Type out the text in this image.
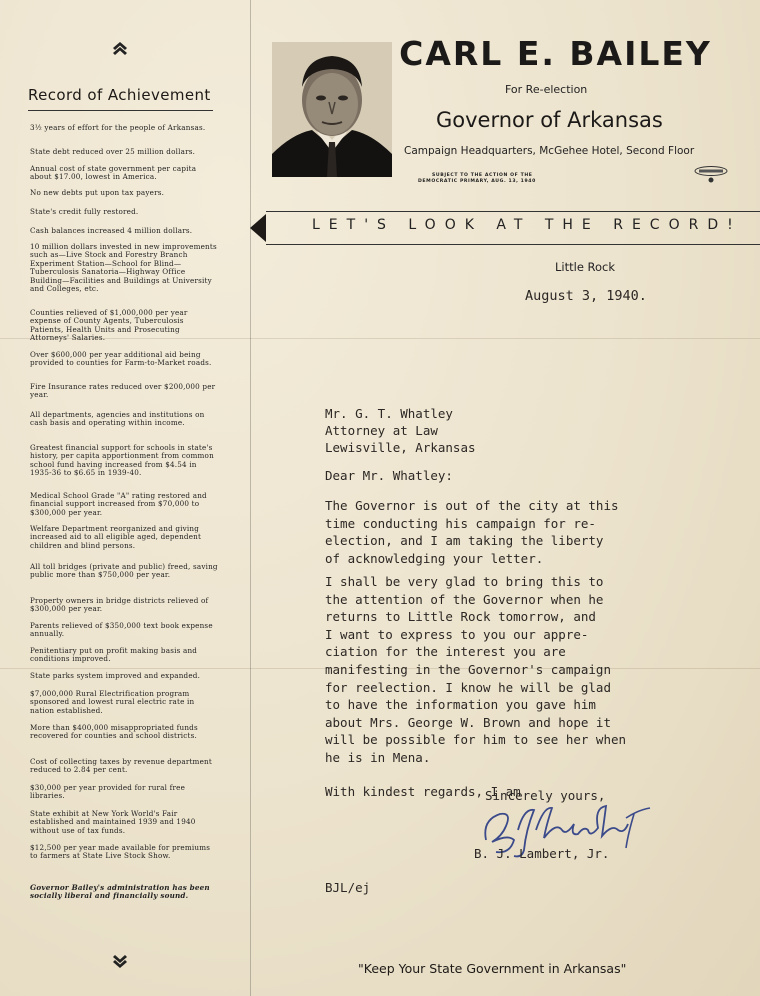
Record of Achievement
3½ years of effort for the people of Arkansas.
State debt reduced over 25 million dollars.
Annual cost of state government per capita about $17.00, lowest in America.
No new debts put upon tax payers.
State's credit fully restored.
Cash balances increased 4 million dollars.
10 million dollars invested in new improvements such as—Live Stock and Forestry Branch Experiment Station—School for Blind—Tuberculosis Sanatoria—Highway Office Building—Facilities and Buildings at University and Colleges, etc.
Counties relieved of $1,000,000 per year expense of County Agents, Tuberculosis Patients, Health Units and Prosecuting Attorneys' Salaries.
Over $600,000 per year additional aid being provided to counties for Farm-to-Market roads.
Fire Insurance rates reduced over $200,000 per year.
All departments, agencies and institutions on cash basis and operating within income.
Greatest financial support for schools in state's history, per capita apportionment from common school fund having increased from $4.54 in 1935-36 to $6.65 in 1939-40.
Medical School Grade "A" rating restored and financial support increased from $70,000 to $300,000 per year.
Welfare Department reorganized and giving increased aid to all eligible aged, dependent children and blind persons.
All toll bridges (private and public) freed, saving public more than $750,000 per year.
Property owners in bridge districts relieved of $300,000 per year.
Parents relieved of $350,000 text book expense annually.
Penitentiary put on profit making basis and conditions improved.
State parks system improved and expanded.
$7,000,000 Rural Electrification program sponsored and lowest rural electric rate in nation established.
More than $400,000 misappropriated funds recovered for counties and school districts.
Cost of collecting taxes by revenue department reduced to 2.84 per cent.
$30,000 per year provided for rural free libraries.
State exhibit at New York World's Fair established and maintained 1939 and 1940 without use of tax funds.
$12,500 per year made available for premiums to farmers at State Live Stock Show.
Governor Bailey's administration has been socially liberal and financially sound.
CARL E. BAILEY
For Re-election
Governor of Arkansas
Campaign Headquarters, McGehee Hotel, Second Floor
SUBJECT TO THE ACTION OF THE
DEMOCRATIC PRIMARY, AUG. 13, 1940
LET'S LOOK AT THE RECORD!
Little Rock
August 3, 1940.
Mr. G. T. Whatley
Attorney at Law
Lewisville, Arkansas
Dear Mr. Whatley:
The Governor is out of the city at this
time conducting his campaign for re-
election, and I am taking the liberty
of acknowledging your letter.
I shall be very glad to bring this to
the attention of the Governor when he
returns to Little Rock tomorrow, and
I want to express to you our appre-
ciation for the interest you are
manifesting in the Governor's campaign
for reelection. I know he will be glad
to have the information you gave him
about Mrs. George W. Brown and hope it
will be possible for him to see her when
he is in Mena.
With kindest regards, I am
Sincerely yours,
B. J. Lambert, Jr.
BJL/ej
"Keep Your State Government in Arkansas"
